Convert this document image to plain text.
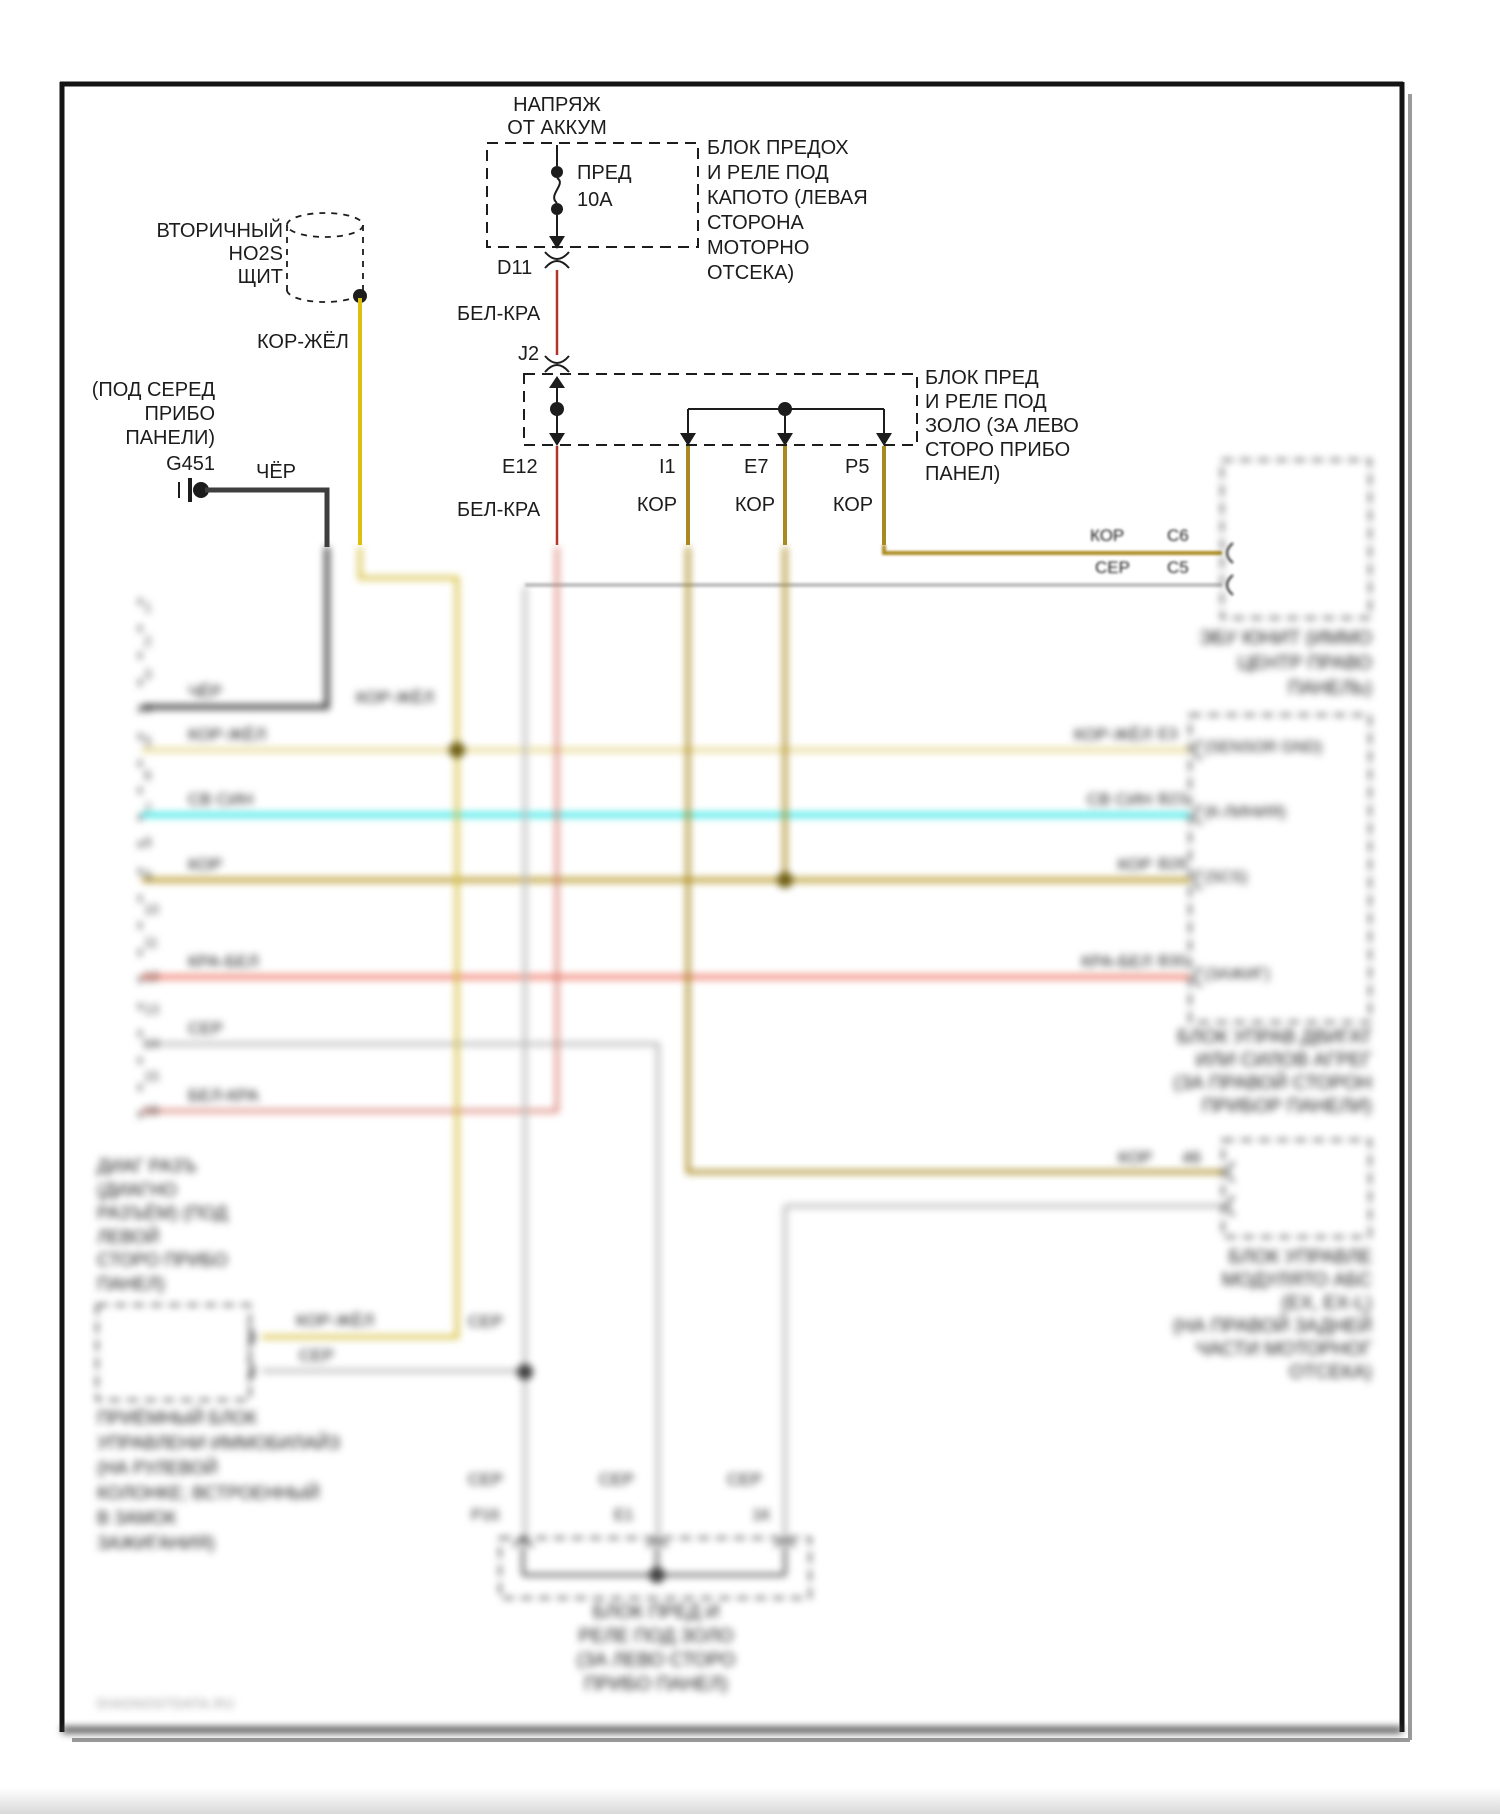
НАПРЯЖ
ОТ АККУМ
ПРЕД
10А
БЛОК ПРЕДОХ
И РЕЛЕ ПОД
КАПОТО (ЛЕВАЯ
СТОРОНА
МОТОРНО
ОТСЕКА)
D11
БЕЛ-КРА
J2
БЛОК ПРЕД
И РЕЛЕ ПОД
ЗОЛО (ЗА ЛЕВО
СТОРО ПРИБО
ПАНЕЛ)
ВТОРИЧНЫЙ
HO2S
ЩИТ
КОР-ЖЁЛ
(ПОД СЕРЕД
ПРИБО
ПАНЕЛИ)
G451 ЧЁР	E12	I1	E7	P5
БЕЛ-КРА	КОР	КОР	КОР
КОР	C6
СЕР C5
1
2
3
4
5
6
7
8
9
10
11
12
13
14
15
16
ЧЁР	КОР-ЖЁЛ
КОР-ЖЁЛ
СВ СИН
КОР
КРА-БЕЛ
СЕР
БЕЛ-КРА
КОР-ЖЁЛ Е3
СВ СИН В23
КОР В28
КРА-БЕЛ В30
(SENSOR GND)
(К-ЛИНИЯ)
(SCS)
(ЗАЖИГ)
ЭБУ ЮНИТ (ИММО
ЦЕНТР ПРАВО
ПАНЕЛЬ)
БЛОК УПРАВ ДВИГАТ
ИЛИ СИЛОВ АГРЕГ
(ЗА ПРАВОЙ СТОРОН
ПРИБОР ПАНЕЛИ)
КОР 46
БЛОК УПРАВЛЕ
МОДУЛЯТО АБС
(ЕХ, ЕХ-L)
(НА ПРАВОЙ ЗАДНЕЙ
ЧАСТИ МОТОРНОГ
ОТСЕКА)
ДИАГ РАЗЪ
(ДИАГНО
РАЗЪЁМ) (ПОД
ЛЕВОЙ
СТОРО ПРИБО
ПАНЕЛ)
КОР-ЖЁЛ
СЕР
ПРИЁМНЫЙ БЛОК
УПРАВЛЕНИ ИММОБИЛАЙЗ
(НА РУЛЕВОЙ
КОЛОНКЕ; ВСТРОЕННЫЙ
В ЗАМОК
ЗАЖИГАНИЯ)
СЕР
СЕР	СЕР	СЕР
Р16	Е1	1К
БЛОК ПРЕД И
РЕЛЕ ПОД ЗОЛО
(ЗА ЛЕВО СТОРО
ПРИБО ПАНЕЛ)
DIAGNOSTDATA.RU
